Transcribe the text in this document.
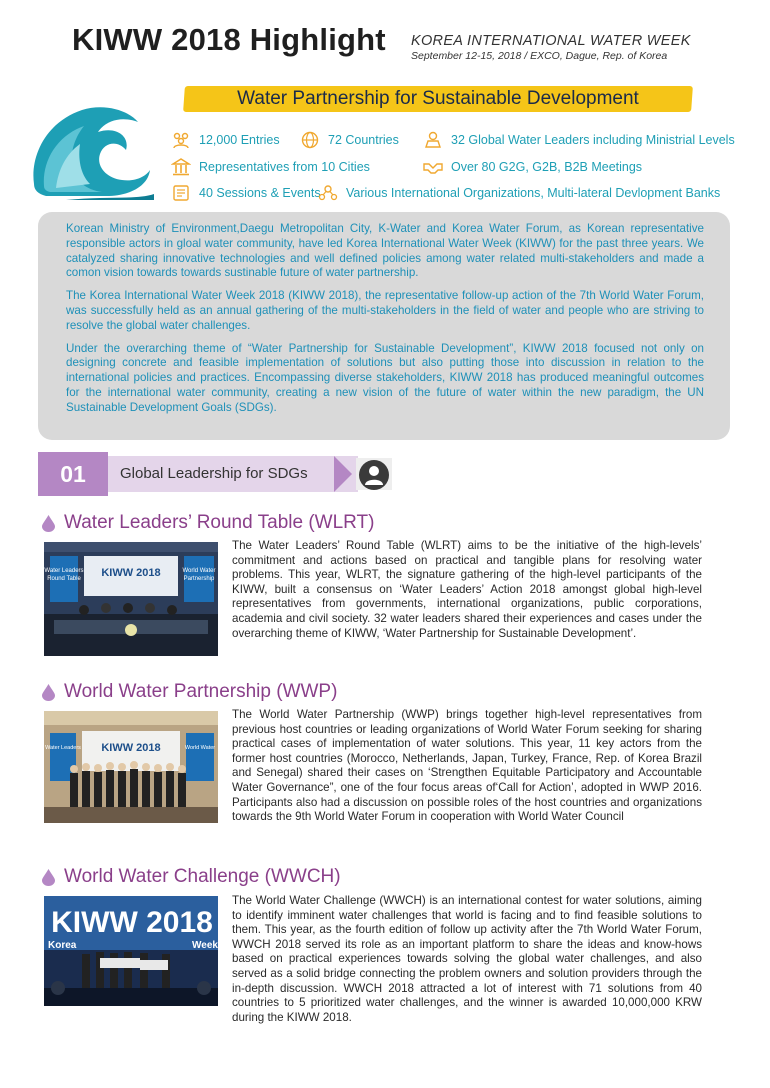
KIWW 2018 Highlight KOREA INTERNATIONAL WATER WEEK
September 12-15, 2018 / EXCO, Dague, Rep. of Korea
Water Partnership for Sustainable Development
12,000 Entries	72 Countries	32 Global Water Leaders including Ministrial Levels
Representatives from 10 Cities	Over 80 G2G, G2B, B2B Meetings
40 Sessions & Events Various International Organizations, Multi-lateral Devlopment Banks

Korean Ministry of Environment,Daegu Metropolitan City, K-Water and Korea Water Forum, as Korean representative responsible actors in gloal water community, have led Korea International Water Week (KIWW) for the past three years. We catalyzed sharing innovative technologies and well defined policies among water related multi-stakeholders and made a comon vision towards towards sustinable future of water partnership.

The Korea International Water Week 2018 (KIWW 2018), the representative follow-up action of the 7th World Water Forum, was successfully held as an annual gathering of the multi-stakeholders in the field of water and people who are striving to resolve the global water challenges.

Under the overarching theme of “Water Partnership for Sustainable Development”, KIWW 2018 focused not only on designing concrete and feasible implementation of solutions but also putting those into discussion in relation to the international policies and practices. Encompassing diverse stakeholders, KIWW 2018 has produced meaningful outcomes for the international water community, creating a new vision of the future of water within the new paradigm, the UN Sustainable Development Goals (SDGs).

01	Global Leadership for SDGs
Water Leaders’ Round Table (WLRT)
Water Leaders
Round Table
World Water
Partnership
KIWW 2018
The Water Leaders’ Round Table (WLRT) aims to be the initiative of the high-levels’ commitment and actions based on practical and tangible plans for resolving water problems. This year, WLRT, the signature gathering of the high-level participants of the KIWW, built a consensus on ‘Water Leaders’ Action 2018 amongst global high-level representatives from governments, international organizations, public corporations, academia and civil society. 32 water leaders shared their experiences and cases under the overarching theme of KIWW, ‘Water Partnership for Sustainable Development’.
World Water Partnership (WWP)
Water Leaders	World Water
KIWW 2018
The World Water Partnership (WWP) brings together high-level representatives from previous host countries or leading organizations of World Water Forum seeking for sharing practical cases of implementation of water solutions. This year, 11 key actors from the former host countries (Morocco, Netherlands, Japan, Turkey, France, Rep. of Korea Brazil and Senegal) shared their cases on ‘Strengthen Equitable Participatory and Accountable Water Governance”, one of the four focus areas of‘Call for Action’, adopted in WWP 2016. Participants also had a discussion on possible roles of the host countries and organizations towards the 9th World Water Forum in cooperation with World Water Council
World Water Challenge (WWCH)
KIWW 2018
Korea	Week
The World Water Challenge (WWCH) is an international contest for water solutions, aiming to identify imminent water challenges that world is facing and to find feasible solutions to them. This year, as the fourth edition of follow up activity after the 7th World Water Forum, WWCH 2018 served its role as an important platform to share the ideas and know-hows based on practical experiences towards solving the global water challenges, and also served as a solid bridge connecting the problem owners and solution providers through the in-depth discussion. WWCH 2018 attracted a lot of interest with 71 solutions from 40 countries to 5 prioritized water challenges, and the winner is awarded 10,000,000 KRW during the KIWW 2018.
